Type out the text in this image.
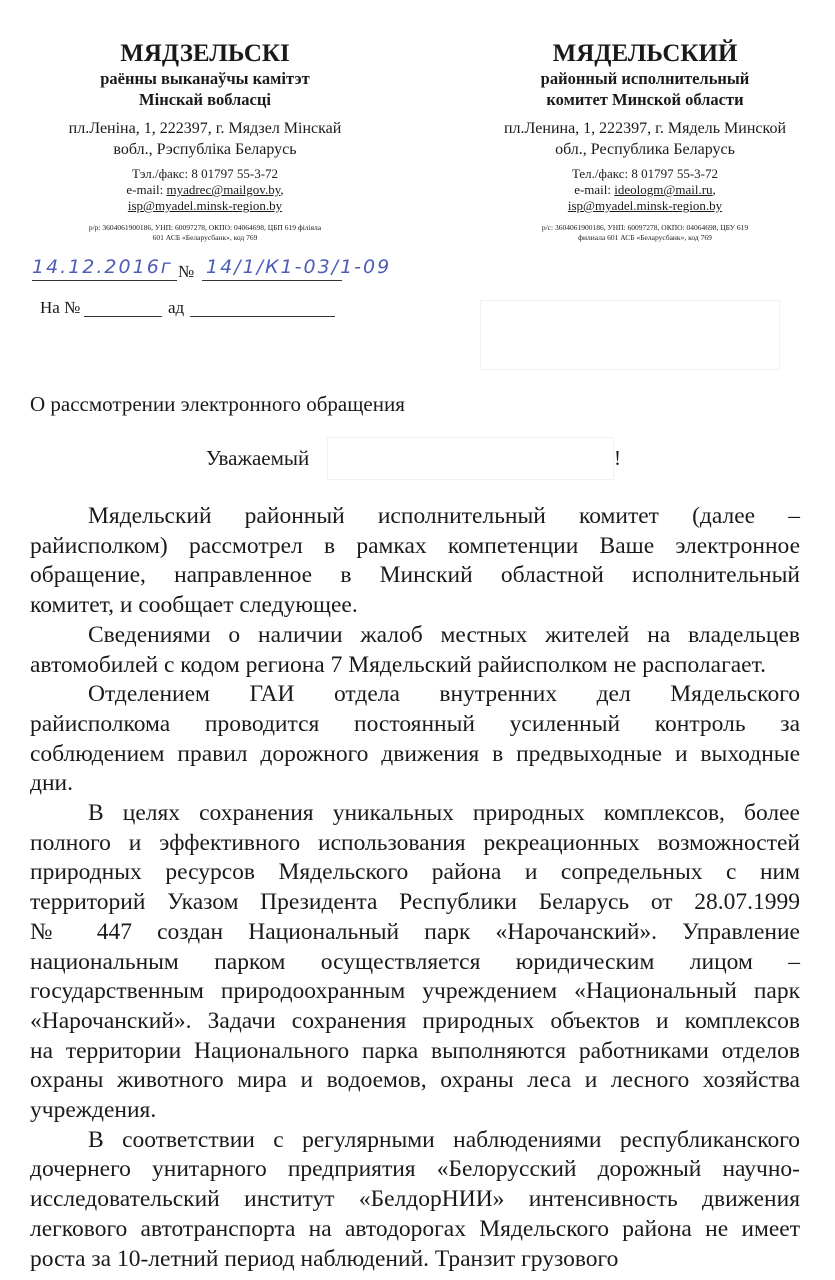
МЯДЗЕЛЬСКІ
раённы выканаўчы камітэт
Мінскай вобласці
пл.Леніна, 1, 222397, г. Мядзел Мінскай
вобл., Рэспубліка Беларусь
Тэл./факс: 8 01797 55-3-72
e-mail: myadrec@mailgov.by,
isp@myadel.minsk-region.by
р/р: 3604061900186, УНП: 60097278, ОКПО: 04064698, ЦБП 619 філіяла
601 АСБ «Беларусбанк», код 769
МЯДЕЛЬСКИЙ
районный исполнительный
комитет Минской области
пл.Ленина, 1, 222397, г. Мядель Минской
обл., Республика Беларусь
Тел./факс: 8 01797 55-3-72
e-mail: ideologm@mail.ru,
isp@myadel.minsk-region.by
р/с: 3604061900186, УНП: 60097278, ОКПО: 04064698, ЦБУ 619
филиала 601 АСБ «Беларусбанк», код 769
14.12.2016г № 14/1/К1-03/1-09
На №	ад
О рассмотрении электронного обращения
Уважаемый	!
Мядельский районный исполнительный комитет (далее –
райисполком) рассмотрел в рамках компетенции Ваше электронное
обращение, направленное в Минский областной исполнительный
комитет, и сообщает следующее.
Сведениями о наличии жалоб местных жителей на владельцев
автомобилей с кодом региона 7 Мядельский райисполком не располагает.
Отделением ГАИ отдела внутренних дел Мядельского
райисполкома проводится постоянный усиленный контроль за
соблюдением правил дорожного движения в предвыходные и выходные
дни.
В целях сохранения уникальных природных комплексов, более
полного и эффективного использования рекреационных возможностей
природных ресурсов Мядельского района и сопредельных с ним
территорий Указом Президента Республики Беларусь от 28.07.1999
№ 447 создан Национальный парк «Нарочанский». Управление
национальным парком осуществляется юридическим лицом –
государственным природоохранным учреждением «Национальный парк
«Нарочанский». Задачи сохранения природных объектов и комплексов
на территории Национального парка выполняются работниками отделов
охраны животного мира и водоемов, охраны леса и лесного хозяйства
учреждения.
В соответствии с регулярными наблюдениями республиканского
дочернего унитарного предприятия «Белорусский дорожный научно-
исследовательский институт «БелдорНИИ» интенсивность движения
легкового автотранспорта на автодорогах Мядельского района не имеет
роста за 10-летний период наблюдений. Транзит грузового
